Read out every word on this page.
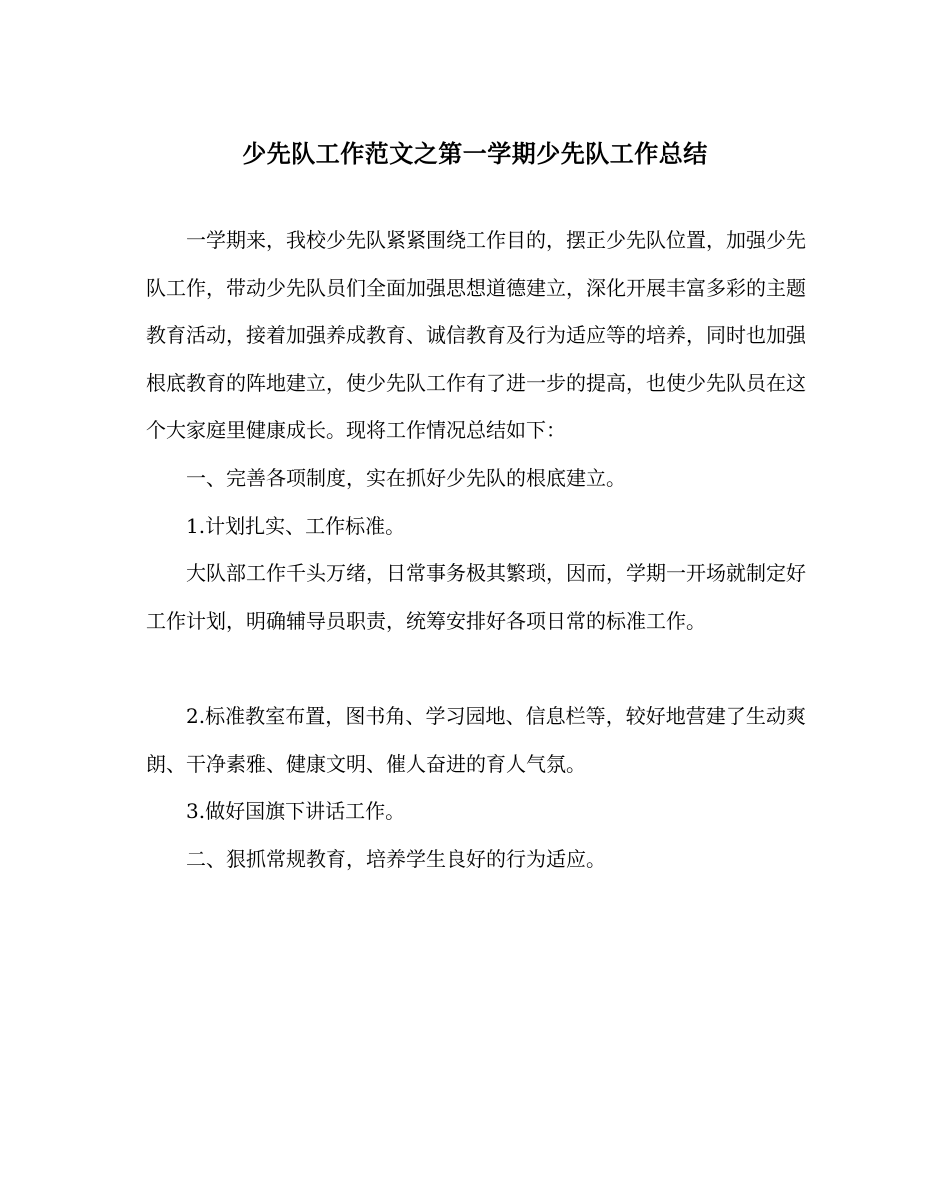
少先队工作范文之第一学期少先队工作总结

一学期来，我校少先队紧紧围绕工作目的，摆正少先队位置，加强少先队工作，带动少先队员们全面加强思想道德建立，深化开展丰富多彩的主题教育活动，接着加强养成教育、诚信教育及行为适应等的培养，同时也加强根底教育的阵地建立，使少先队工作有了进一步的提高，也使少先队员在这个大家庭里健康成长。现将工作情况总结如下：

一、完善各项制度，实在抓好少先队的根底建立。

1.计划扎实、工作标准。

大队部工作千头万绪，日常事务极其繁琐，因而，学期一开场就制定好工作计划，明确辅导员职责，统筹安排好各项日常的标准工作。

2.标准教室布置，图书角、学习园地、信息栏等，较好地营建了生动爽朗、干净素雅、健康文明、催人奋进的育人气氛。

3.做好国旗下讲话工作。

二、狠抓常规教育，培养学生良好的行为适应。
